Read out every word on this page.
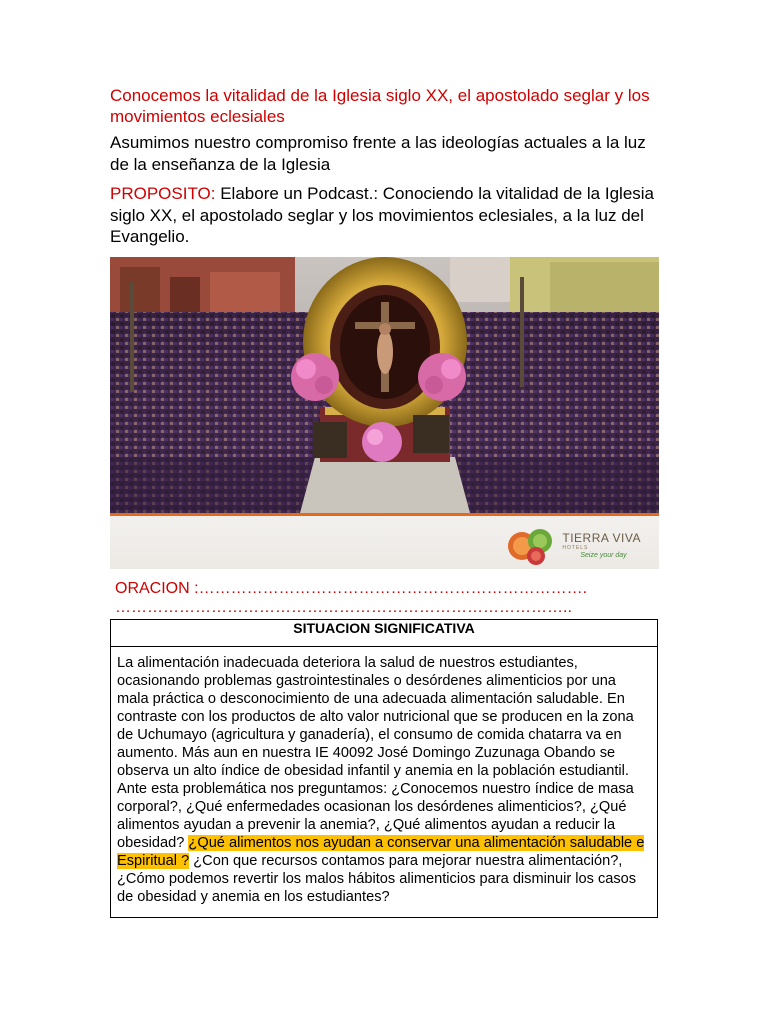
Conocemos la vitalidad de la Iglesia siglo XX, el apostolado seglar y los movimientos eclesiales

Asumimos nuestro compromiso frente a las ideologías actuales a la luz de la enseñanza de la Iglesia

PROPOSITO: Elabore un Podcast.: Conociendo la vitalidad de la Iglesia siglo XX, el apostolado seglar y los movimientos eclesiales, a la luz del Evangelio.

TIERRA VIVA
HOTELS
Seize your day
ORACION :……………………………………………………………….
…………………………………………………………………………..
SITUACION SIGNIFICATIVA
La alimentación inadecuada deteriora la salud de nuestros estudiantes, ocasionando problemas gastrointestinales o desórdenes alimenticios por una mala práctica o desconocimiento de una adecuada alimentación saludable. En contraste con los productos de alto valor nutricional que se producen en la zona de Uchumayo (agricultura y ganadería), el consumo de comida chatarra va en aumento. Más aun en nuestra IE 40092 José Domingo Zuzunaga Obando se observa un alto índice de obesidad infantil y anemia en la población estudiantil. Ante esta problemática nos preguntamos: ¿Conocemos nuestro índice de masa corporal?, ¿Qué enfermedades ocasionan los desórdenes alimenticios?, ¿Qué alimentos ayudan a prevenir la anemia?, ¿Qué alimentos ayudan a reducir la obesidad? ¿Qué alimentos nos ayudan a conservar una alimentación saludable e Espiritual ? ¿Con que recursos contamos para mejorar nuestra alimentación?, ¿Cómo podemos revertir los malos hábitos alimenticios para disminuir los casos de obesidad y anemia en los estudiantes?
